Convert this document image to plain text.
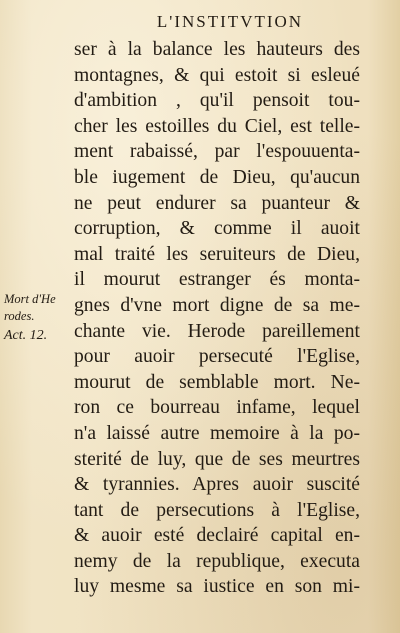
L'INSTITVTION
Mort d'He
rodes.
Act. 12.
ser à la balance les hauteurs des
montagnes, & qui estoit si esleué
d'ambition , qu'il pensoit tou-
cher les estoilles du Ciel, est telle-
ment rabaissé, par l'espouuenta-
ble iugement de Dieu, qu'aucun
ne peut endurer sa puanteur &
corruption, & comme il auoit
mal traité les seruiteurs de Dieu,
il mourut estranger és monta-
gnes d'vne mort digne de sa me-
chante vie. Herode pareillement
pour auoir persecuté l'Eglise,
mourut de semblable mort. Ne-
ron ce bourreau infame, lequel
n'a laissé autre memoire à la po-
sterité de luy, que de ses meurtres
& tyrannies. Apres auoir suscité
tant de persecutions à l'Eglise,
& auoir esté declairé capital en-
nemy de la republique, executa
luy mesme sa iustice en son mi-
